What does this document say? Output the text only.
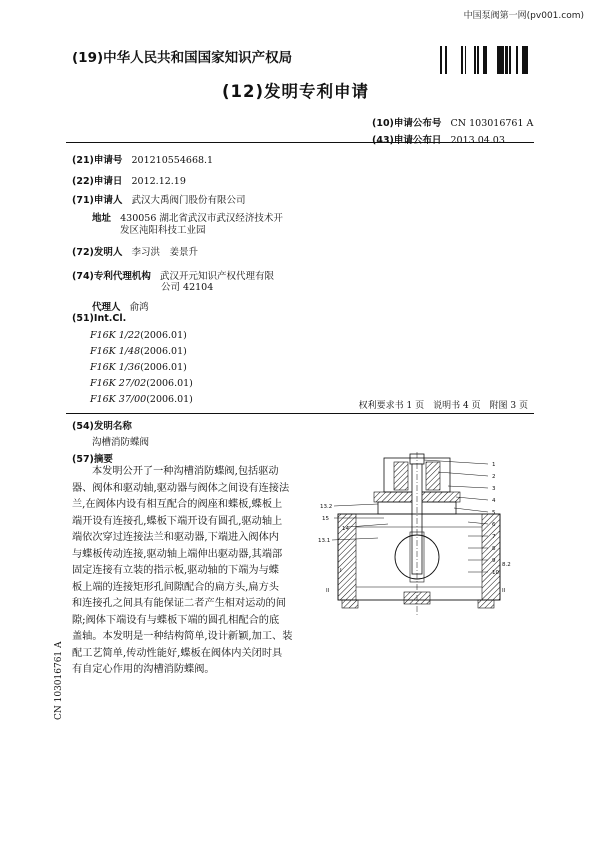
中国泵阀第一网(pv001.com)
(19)中华人民共和国国家知识产权局
(12)发明专利申请
(10)申请公布号 CN 103016761 A
(43)申请公布日 2013.04.03
(21)申请号 201210554668.1
(22)申请日 2012.12.19
(71)申请人 武汉大禹阀门股份有限公司
地址 430056 湖北省武汉市武汉经济技术开
发区沌阳科技工业园
(72)发明人 李习洪　姜景升
(74)专利代理机构 武汉开元知识产权代理有限
公司 42104
代理人 俞鸿
(51)Int.Cl.
F16K 1/22(2006.01)
F16K 1/48(2006.01)
F16K 1/36(2006.01)
F16K 27/02(2006.01)
F16K 37/00(2006.01)
权利要求书 1 页　说明书 4 页　附图 3 页
(54)发明名称
沟槽消防蝶阀
(57)摘要
本发明公开了一种沟槽消防蝶阀,包括驱动
器、阀体和驱动轴,驱动器与阀体之间设有连接法
兰,在阀体内设有相互配合的阀座和蝶板,蝶板上
端开设有连接孔,蝶板下端开设有圆孔,驱动轴上
端依次穿过连接法兰和驱动器,下端进入阀体内
与蝶板传动连接,驱动轴上端伸出驱动器,其端部
固定连接有立装的指示板,驱动轴的下端为与蝶
板上端的连接矩形孔间隙配合的扁方头,扁方头
和连接孔之间具有能保证二者产生相对运动的间
隙;阀体下端设有与蝶板下端的圆孔相配合的底
盖轴。本发明是一种结构简单,设计新颖,加工、装
配工艺简单,传动性能好,蝶板在阀体内关闭时具
有自定心作用的沟槽消防蝶阀。
1
2
3
4
5
6
7
8
9
10
13.2
15
14
13.1
I
II	II
8.2
CN 103016761 A
